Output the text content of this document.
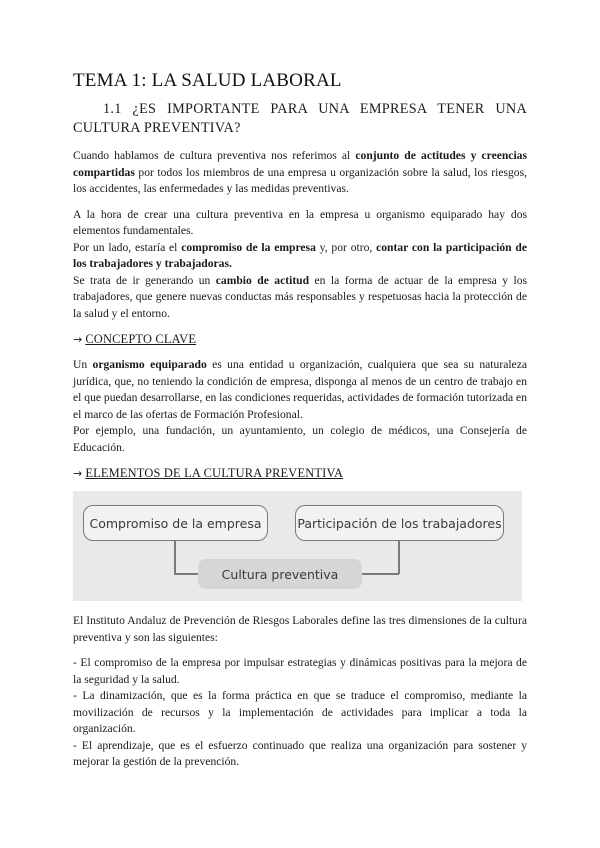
TEMA 1: LA SALUD LABORAL
1.1 ¿ES IMPORTANTE PARA UNA EMPRESA TENER UNA CULTURA PREVENTIVA?

Cuando hablamos de cultura preventiva nos referimos al conjunto de actitudes y creencias compartidas por todos los miembros de una empresa u organización sobre la salud, los riesgos, los accidentes, las enfermedades y las medidas preventivas.

A la hora de crear una cultura preventiva en la empresa u organismo equiparado hay dos elementos fundamentales.

Por un lado, estaría el compromiso de la empresa y, por otro, contar con la participación de los trabajadores y trabajadoras.

Se trata de ir generando un cambio de actitud en la forma de actuar de la empresa y los trabajadores, que genere nuevas conductas más responsables y respetuosas hacia la protección de la salud y el entorno.

→ CONCEPTO CLAVE

Un organismo equiparado es una entidad u organización, cualquiera que sea su naturaleza jurídica, que, no teniendo la condición de empresa, disponga al menos de un centro de trabajo en el que puedan desarrollarse, en las condiciones requeridas, actividades de formación tutorizada en el marco de las ofertas de Formación Profesional.

Por ejemplo, una fundación, un ayuntamiento, un colegio de médicos, una Consejería de Educación.

→ ELEMENTOS DE LA CULTURA PREVENTIVA
Compromiso de la empresa	Participación de los trabajadores
Cultura preventiva

El Instituto Andaluz de Prevención de Riesgos Laborales define las tres dimensiones de la cultura preventiva y son las siguientes:

- El compromiso de la empresa por impulsar estrategias y dinámicas positivas para la mejora de la seguridad y la salud.

- La dinamización, que es la forma práctica en que se traduce el compromiso, mediante la movilización de recursos y la implementación de actividades para implicar a toda la organización.

- El aprendizaje, que es el esfuerzo continuado que realiza una organización para sostener y mejorar la gestión de la prevención.
